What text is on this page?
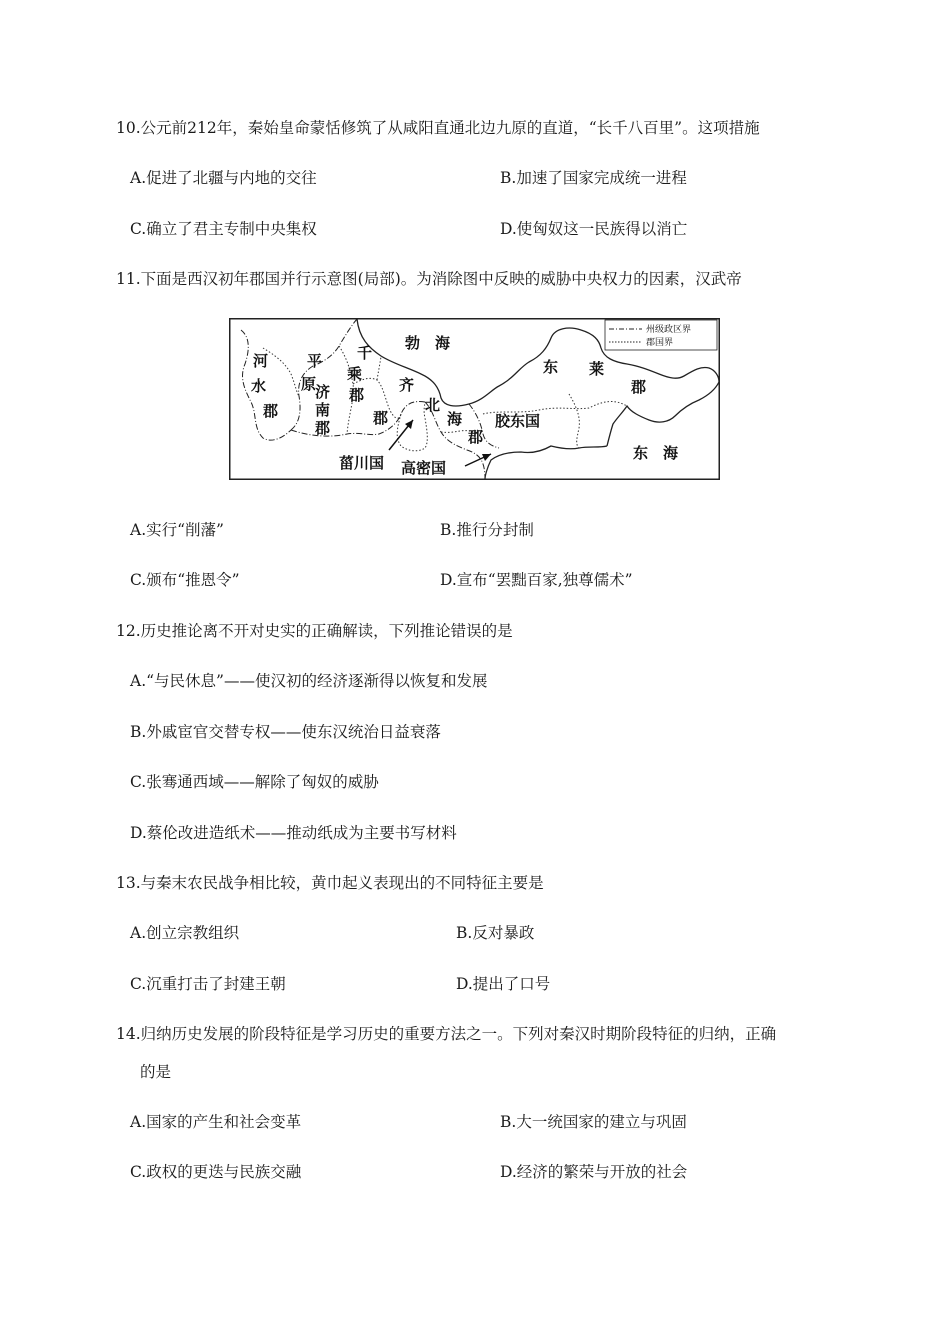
10.公元前212年，秦始皇命蒙恬修筑了从咸阳直通北边九原的直道，“长千八百里”。这项措施
A.促进了北疆与内地的交往	B.加速了国家完成统一进程
C.确立了君主专制中央集权	D.使匈奴这一民族得以消亡
11.下面是西汉初年郡国并行示意图(局部)。为消除图中反映的威胁中央权力的因素，汉武帝
州级政区界
郡国界
勃　海
河
水
郡
平
原
济
南
郡
千
乘
郡
齐
郡
北
海
郡
胶东国
东 莱
郡
东　海
菑川国 高密国
A.实行“削藩”	B.推行分封制
C.颁布“推恩令”	D.宣布“罢黜百家,独尊儒术”
12.历史推论离不开对史实的正确解读，下列推论错误的是
A.“与民休息”——使汉初的经济逐渐得以恢复和发展
B.外戚宦官交替专权——使东汉统治日益衰落
C.张骞通西域——解除了匈奴的威胁
D.蔡伦改进造纸术——推动纸成为主要书写材料
13.与秦末农民战争相比较，黄巾起义表现出的不同特征主要是
A.创立宗教组织	B.反对暴政
C.沉重打击了封建王朝	D.提出了口号
14.归纳历史发展的阶段特征是学习历史的重要方法之一。下列对秦汉时期阶段特征的归纳，正确
的是
A.国家的产生和社会变革	B.大一统国家的建立与巩固
C.政权的更迭与民族交融	D.经济的繁荣与开放的社会
